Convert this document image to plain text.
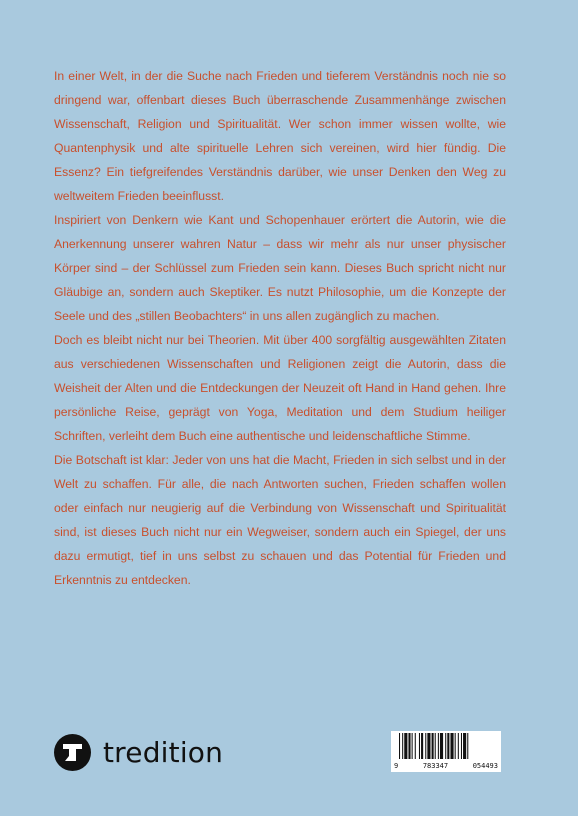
In einer Welt, in der die Suche nach Frieden und tieferem Verständnis noch nie so dringend war, offenbart dieses Buch überraschende Zusammenhänge zwischen Wissenschaft, Religion und Spiritualität. Wer schon immer wissen wollte, wie Quantenphysik und alte spirituelle Lehren sich vereinen, wird hier fündig. Die Essenz? Ein tiefgreifendes Verständnis darüber, wie unser Denken den Weg zu weltweitem Frieden beeinflusst.

Inspiriert von Denkern wie Kant und Schopenhauer erörtert die Autorin, wie die Anerkennung unserer wahren Natur – dass wir mehr als nur unser physischer Körper sind – der Schlüssel zum Frieden sein kann. Dieses Buch spricht nicht nur Gläubige an, sondern auch Skeptiker. Es nutzt Philosophie, um die Konzepte der Seele und des „stillen Beobachters“ in uns allen zugänglich zu machen.

Doch es bleibt nicht nur bei Theorien. Mit über 400 sorgfältig ausgewählten Zitaten aus verschiedenen Wissenschaften und Religionen zeigt die Autorin, dass die Weisheit der Alten und die Entdeckungen der Neuzeit oft Hand in Hand gehen. Ihre persönliche Reise, geprägt von Yoga, Meditation und dem Studium heiliger Schriften, verleiht dem Buch eine authentische und leidenschaftliche Stimme.

Die Botschaft ist klar: Jeder von uns hat die Macht, Frieden in sich selbst und in der Welt zu schaffen. Für alle, die nach Antworten suchen, Frieden schaffen wollen oder einfach nur neugierig auf die Verbindung von Wissenschaft und Spiritualität sind, ist dieses Buch nicht nur ein Wegweiser, sondern auch ein Spiegel, der uns dazu ermutigt, tief in uns selbst zu schauen und das Potential für Frieden und Erkenntnis zu entdecken.

tredition	9	783347	054493
